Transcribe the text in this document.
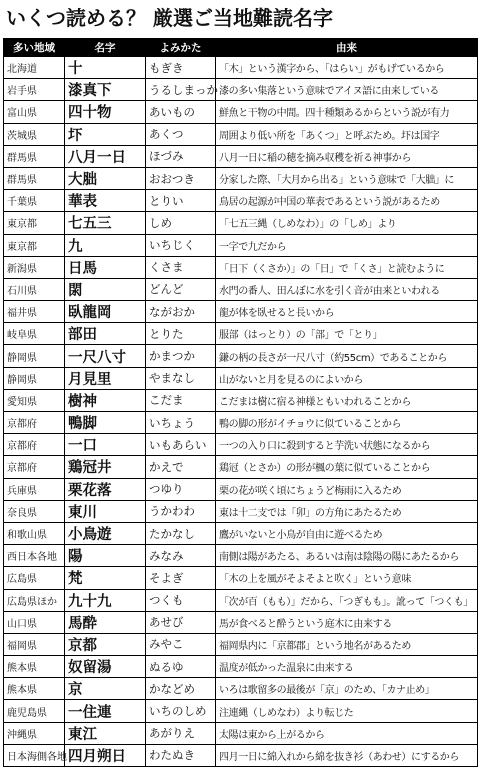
いくつ読める？ 厳選ご当地難読名字
多い地域	名字	よみかた	由来
北海道	十	もぎき	「木」という漢字から、「はらい」がもげているから
岩手県	漆真下	うるしまっか	漆の多い集落という意味でアイヌ語に由来している
富山県	四十物	あいもの	鮮魚と干物の中間。四十種類あるからという説が有力
茨城県	圷	あくつ	周囲より低い所を「あくつ」と呼ぶため。圷は国字
群馬県	八月一日	ほづみ	八月一日に稲の穂を摘み収穫を祈る神事から
群馬県	大胐	おおつき	分家した際、「大月から出る」という意味で「大胐」に
千葉県	華表	とりい	鳥居の起源が中国の華表であるという説があるため
東京都	七五三	しめ	「七五三縄（しめなわ）」の「しめ」より
東京都	九	いちじく	一字で九だから
新潟県	日馬	くさま	「日下（くさか）」の「日」で「くさ」と読むように
石川県	閖	どんど	水門の番人、田んぼに水を引く音が由来といわれる
福井県	臥龍岡	ながおか	龍が体を臥せると長いから
岐阜県	部田	とりた	服部（はっとり）の「部」で「とり」
静岡県	一尺八寸	かまつか	鎌の柄の長さが一尺八寸（約55cm）であることから
静岡県	月見里	やまなし	山がないと月を見るのによいから
愛知県	樹神	こだま	こだまは樹に宿る神様ともいわれることから
京都府	鴨脚	いちょう	鴨の脚の形がイチョウに似ていることから
京都府	一口	いもあらい	一つの入り口に殺到すると芋洗い状態になるから
京都府	鶏冠井	かえで	鶏冠（とさか）の形が楓の葉に似ていることから
兵庫県	栗花落	つゆり	栗の花が咲く頃にちょうど梅雨に入るため
奈良県	東川	うかわわ	東は十二支では「卯」の方角にあたるため
和歌山県	小鳥遊	たかなし	鷹がいないと小鳥が自由に遊べるため
西日本各地	陽	みなみ	南側は陽があたる、あるいは南は陰陽の陽にあたるから
広島県	梵	そよぎ	「木の上を風がそよそよと吹く」という意味
広島県ほか	九十九	つくも	「次が百（もも）」だから、「つぎもも」。訛って「つくも」
山口県	馬酔	あせび	馬が食べると酔うという庭木に由来する
福岡県	京都	みやこ	福岡県内に「京都郡」という地名があるため
熊本県	奴留湯	ぬるゆ	温度が低かった温泉に由来する
熊本県	京	かなどめ	いろは歌留多の最後が「京」のため、「カナ止め」
鹿児島県	一住連	いちのしめ	注連縄（しめなわ）より転じた
沖縄県	東江	あがりえ	太陽は東から上がるから
日本海側各地	四月朔日	わたぬき	四月一日に綿入れから綿を抜き衫（あわせ）にするから
